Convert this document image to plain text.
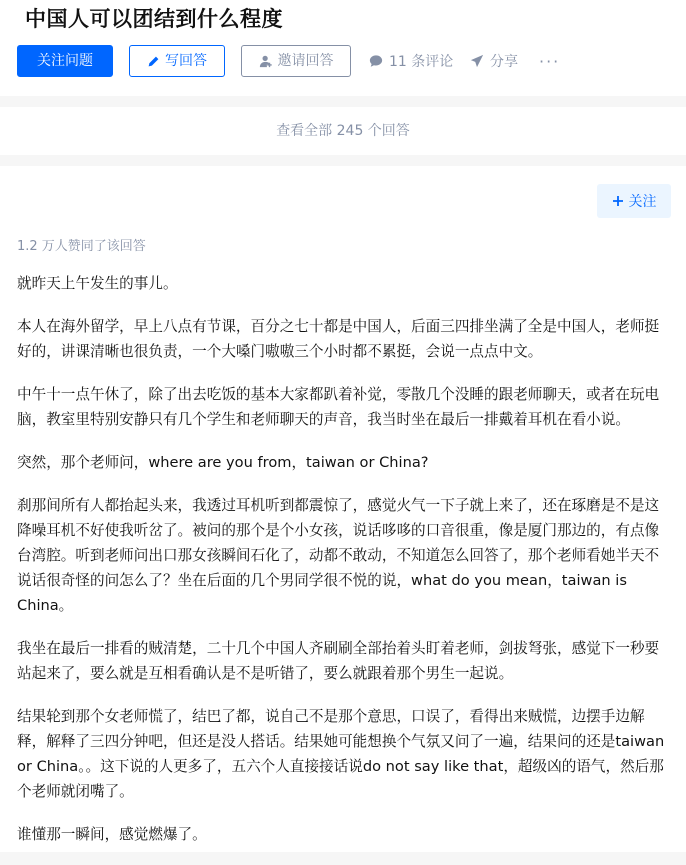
中国人可以团结到什么程度
关注问题	写回答	邀请回答	11 条评论	分享 ···
查看全部 245 个回答
关注
1.2 万人赞同了该回答

就昨天上午发生的事儿。

本人在海外留学，早上八点有节课，百分之七十都是中国人，后面三四排坐满了全是中国人，老师挺好的，讲课清晰也很负责，一个大嗓门嗷嗷三个小时都不累挺，会说一点点中文。

中午十一点午休了，除了出去吃饭的基本大家都趴着补觉，零散几个没睡的跟老师聊天，或者在玩电脑，教室里特别安静只有几个学生和老师聊天的声音，我当时坐在最后一排戴着耳机在看小说。

突然，那个老师问，where are you from，taiwan or China?

刹那间所有人都抬起头来，我透过耳机听到都震惊了，感觉火气一下子就上来了，还在琢磨是不是这降噪耳机不好使我听岔了。被问的那个是个小女孩，说话哆哆的口音很重，像是厦门那边的，有点像台湾腔。听到老师问出口那女孩瞬间石化了，动都不敢动，不知道怎么回答了，那个老师看她半天不说话很奇怪的问怎么了？坐在后面的几个男同学很不悦的说，what do you mean，taiwan is China。

我坐在最后一排看的贼清楚，二十几个中国人齐刷刷全部抬着头盯着老师，剑拔弩张，感觉下一秒要站起来了，要么就是互相看确认是不是听错了，要么就跟着那个男生一起说。

结果轮到那个女老师慌了，结巴了都，说自己不是那个意思，口误了，看得出来贼慌，边摆手边解释，解释了三四分钟吧，但还是没人搭话。结果她可能想换个气氛又问了一遍，结果问的还是taiwan or China。。这下说的人更多了，五六个人直接接话说do not say like that，超级凶的语气，然后那个老师就闭嘴了。

谁懂那一瞬间，感觉燃爆了。
